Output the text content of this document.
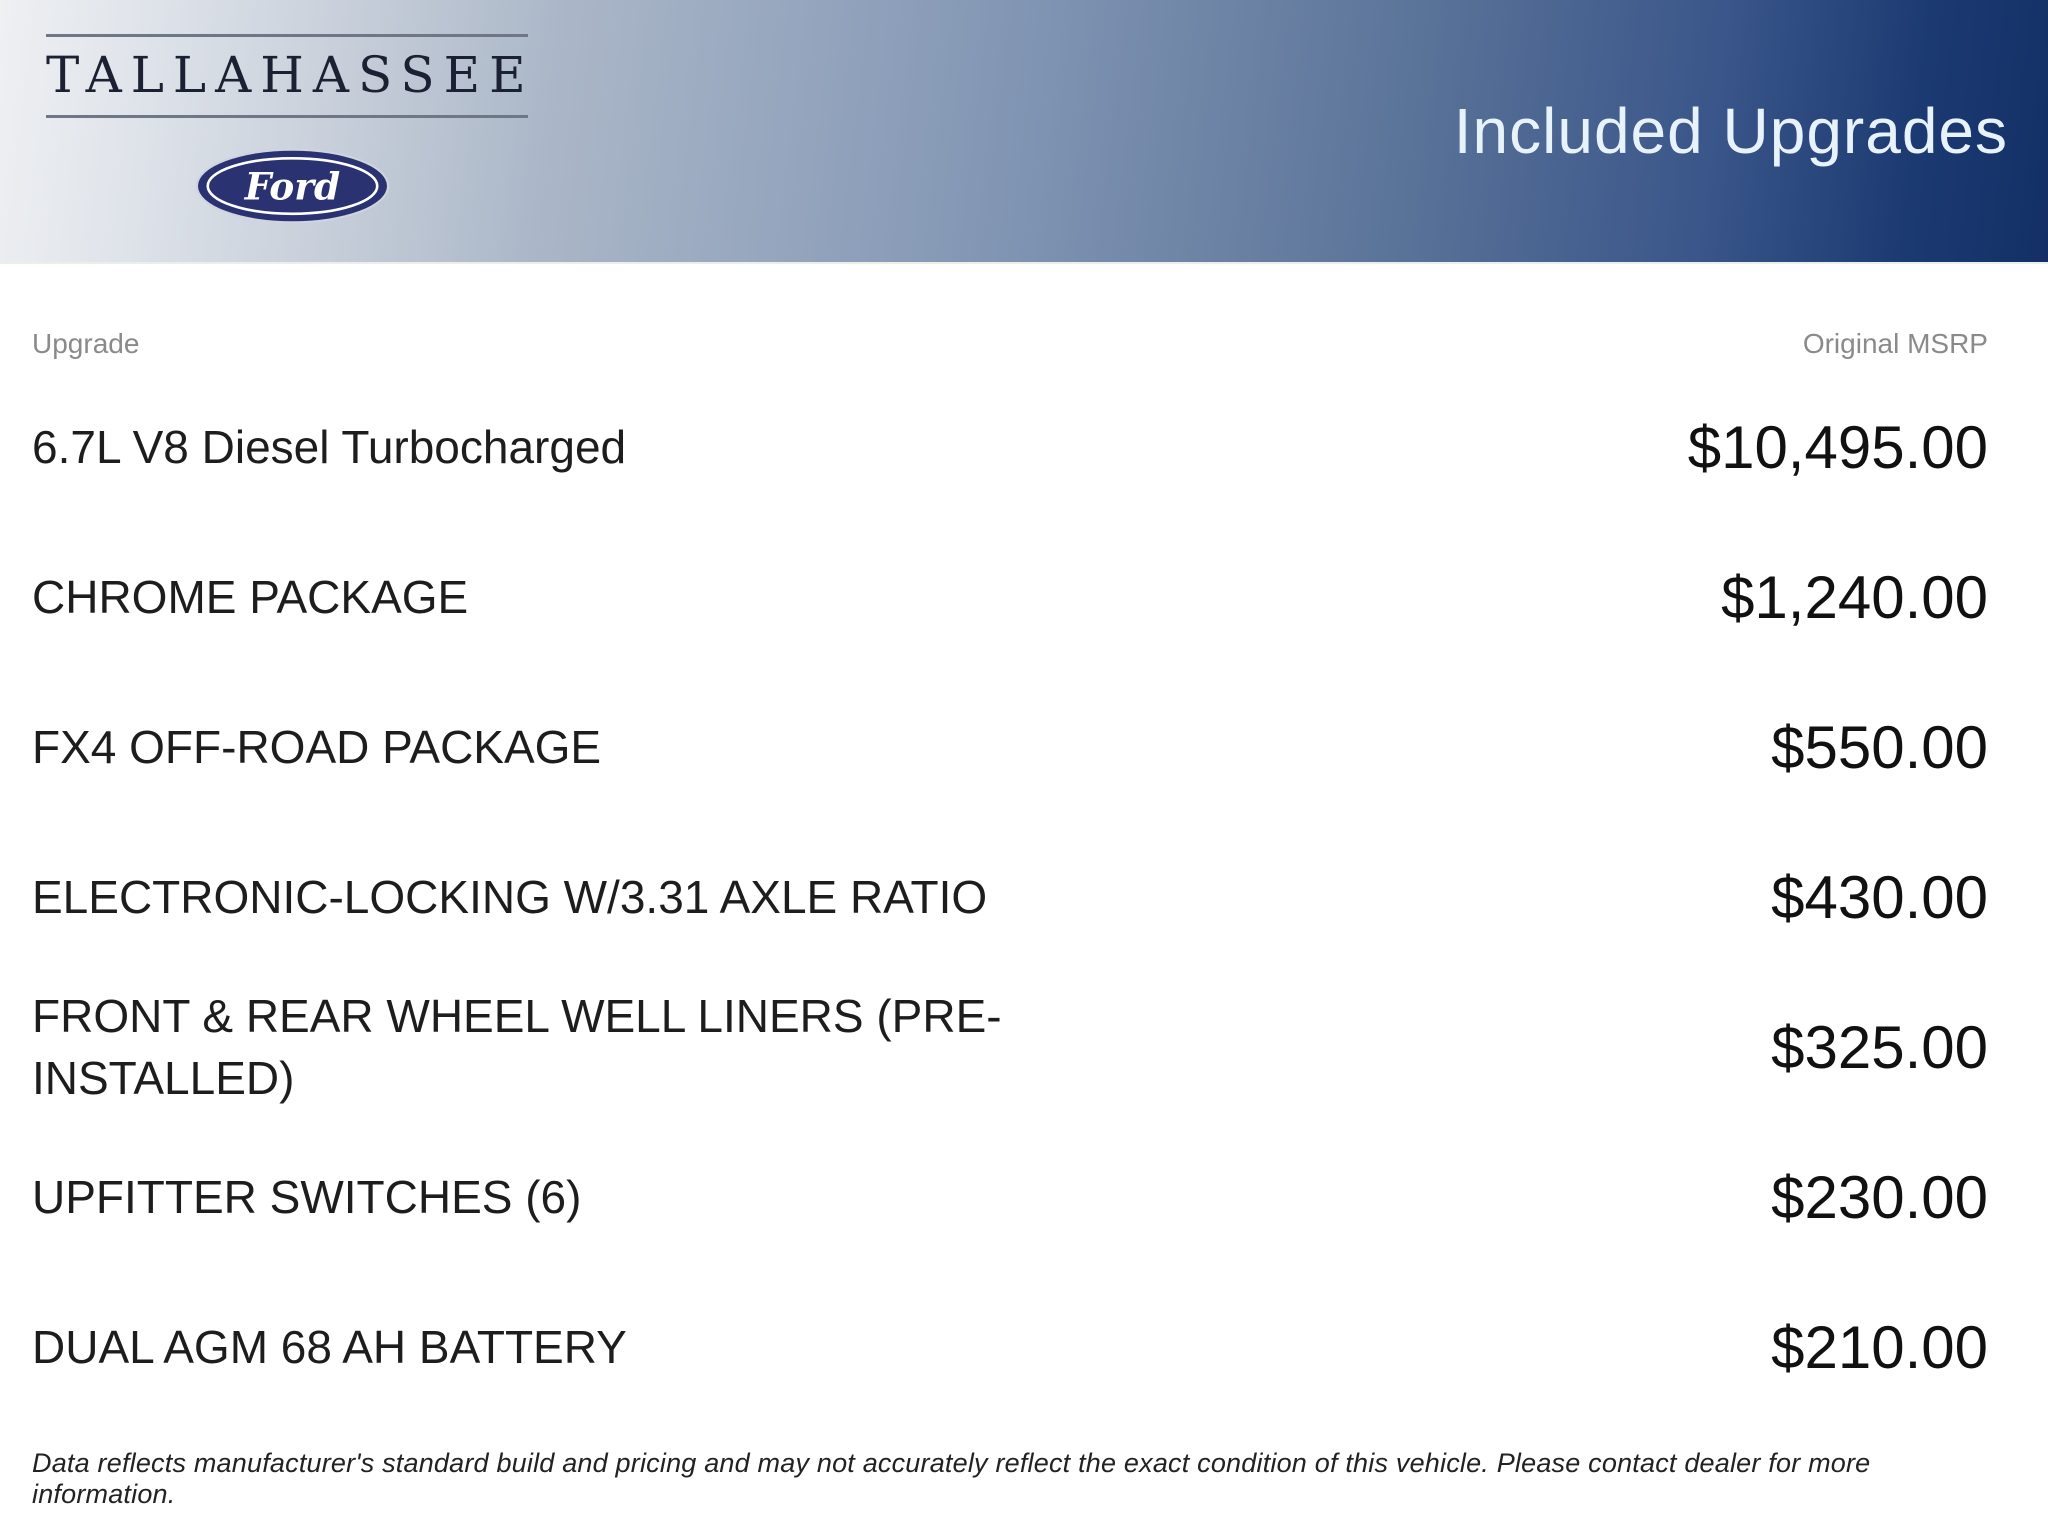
TALLAHASSEE
Ford
Included Upgrades
Upgrade	Original MSRP
6.7L V8 Diesel Turbocharged	$10,495.00
CHROME PACKAGE	$1,240.00
FX4 OFF-ROAD PACKAGE	$550.00
ELECTRONIC-LOCKING W/3.31 AXLE RATIO	$430.00
FRONT & REAR WHEEL WELL LINERS (PRE-INSTALLED)	$325.00
UPFITTER SWITCHES (6)	$230.00
DUAL AGM 68 AH BATTERY	$210.00
Data reflects manufacturer's standard build and pricing and may not accurately reflect the exact condition of this vehicle. Please contact dealer for more information.
